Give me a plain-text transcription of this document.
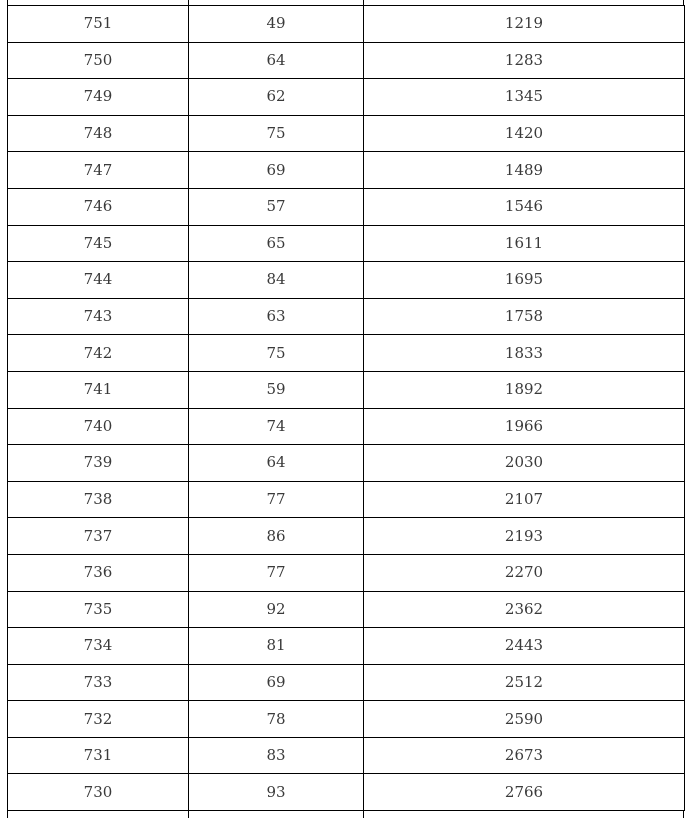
751	49	1219
750	64	1283
749	62	1345
748	75	1420
747	69	1489
746	57	1546
745	65	1611
744	84	1695
743	63	1758
742	75	1833
741	59	1892
740	74	1966
739	64	2030
738	77	2107
737	86	2193
736	77	2270
735	92	2362
734	81	2443
733	69	2512
732	78	2590
731	83	2673
730	93	2766
